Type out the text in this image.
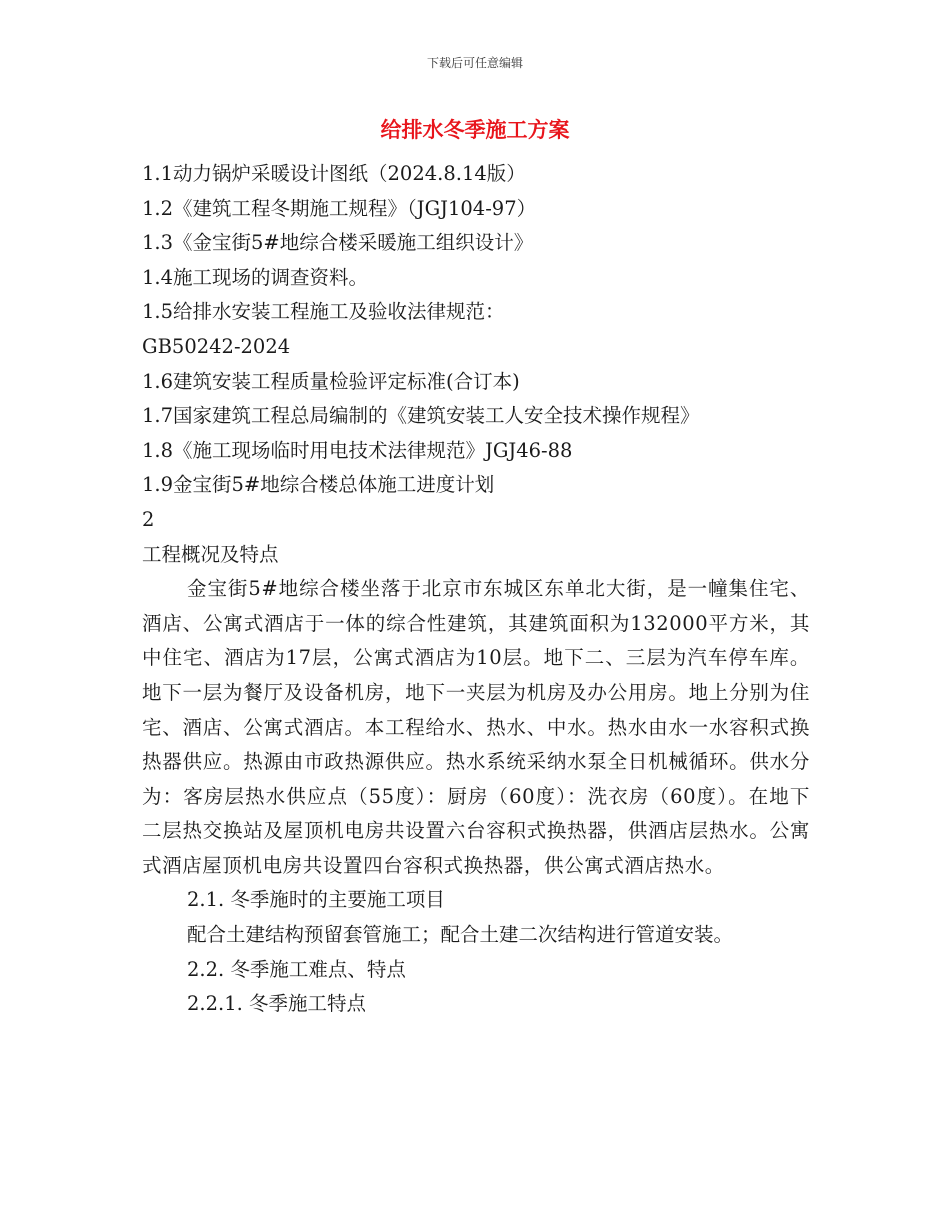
下载后可任意编辑
给排水冬季施工方案

1.1动力锅炉采暖设计图纸（2024.8.14版）

1.2《建筑工程冬期施工规程》（JGJ104-97）

1.3《金宝街5#地综合楼采暖施工组织设计》

1.4施工现场的调查资料。

1.5给排水安装工程施工及验收法律规范：

GB50242-2024

1.6建筑安装工程质量检验评定标准(合订本)

1.7国家建筑工程总局编制的《建筑安装工人安全技术操作规程》

1.8《施工现场临时用电技术法律规范》JGJ46-88

1.9金宝街5#地综合楼总体施工进度计划

2

工程概况及特点

金宝街5#地综合楼坐落于北京市东城区东单北大街，是一幢集住宅、酒店、公寓式酒店于一体的综合性建筑，其建筑面积为132000平方米，其中住宅、酒店为17层，公寓式酒店为10层。地下二、三层为汽车停车库。地下一层为餐厅及设备机房，地下一夹层为机房及办公用房。地上分别为住宅、酒店、公寓式酒店。本工程给水、热水、中水。热水由水一水容积式换热器供应。热源由市政热源供应。热水系统采纳水泵全日机械循环。供水分为：客房层热水供应点（55度）：厨房（60度）：洗衣房（60度）。在地下二层热交换站及屋顶机电房共设置六台容积式换热器，供酒店层热水。公寓式酒店屋顶机电房共设置四台容积式换热器，供公寓式酒店热水。

2.1. 冬季施时的主要施工项目

配合土建结构预留套管施工；配合土建二次结构进行管道安装。

2.2. 冬季施工难点、特点

2.2.1. 冬季施工特点
